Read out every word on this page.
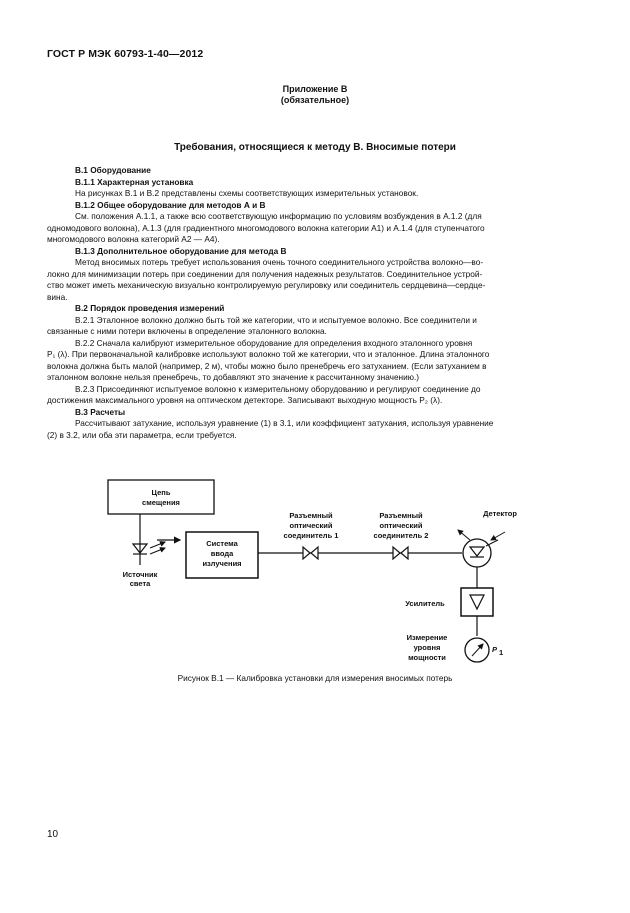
ГОСТ Р МЭК 60793-1-40—2012
Приложение В
(обязательное)
Требования, относящиеся к методу В. Вносимые потери

В.1 Оборудование

В.1.1 Характерная установка

На рисунках В.1 и В.2 представлены схемы соответствующих измерительных установок.

В.1.2 Общее оборудование для методов А и В

См. положения А.1.1, а также всю соответствующую информацию по условиям возбуждения в А.1.2 (для

одномодового волокна), А.1.3 (для градиентного многомодового волокна категории А1) и А.1.4 (для ступенчатого

многомодового волокна категорий А2 — А4).

В.1.3 Дополнительное оборудование для метода В

Метод вносимых потерь требует использования очень точного соединительного устройства волокно—во-

локно для минимизации потерь при соединении для получения надежных результатов. Соединительное устрой-

ство может иметь механическую визуально контролируемую регулировку или соединитель сердцевина—сердце-

вина.

В.2 Порядок проведения измерений

В.2.1 Эталонное волокно должно быть той же категории, что и испытуемое волокно. Все соединители и

связанные с ними потери включены в определение эталонного волокна.

В.2.2 Сначала калибруют измерительное оборудование для определения входного эталонного уровня

P₁ (λ). При первоначальной калибровке используют волокно той же категории, что и эталонное. Длина эталонного

волокна должна быть малой (например, 2 м), чтобы можно было пренебречь его затуханием. (Если затуханием в

эталонном волокне нельзя пренебречь, то добавляют это значение к рассчитанному значению.)

В.2.3 Присоединяют испытуемое волокно к измерительному оборудованию и регулируют соединение до

достижения максимального уровня на оптическом детекторе. Записывают выходную мощность P₂ (λ).

В.3 Расчеты

Рассчитывают затухание, используя уравнение (1) в 3.1, или коэффициент затухания, используя уравнение

(2) в 3.2, или оба эти параметра, если требуется.

Цепь
смещения
Источник
света
Система
ввода
излучения
Разъемный
оптический
соединитель 1
Разъемный
оптический
соединитель 2
Детектор
Усилитель
P 1
Измерение
уровня
мощности
Рисунок В.1 — Калибровка установки для измерения вносимых потерь
10
